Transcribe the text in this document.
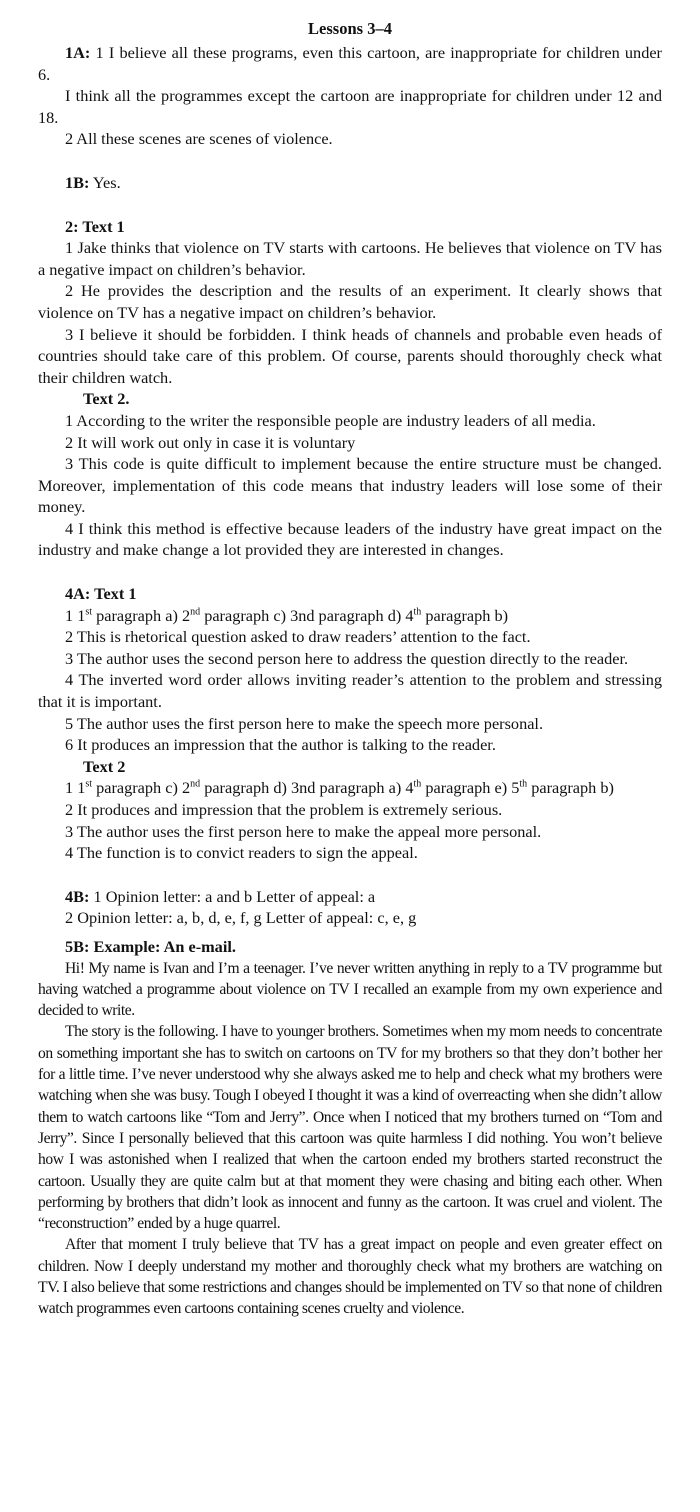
Lessons 3–4
1A: 1 I believe all these programs, even this cartoon, are inappropriate for children under 6.
I think all the programmes except the cartoon are inappropriate for children under 12 and 18.
2 All these scenes are scenes of violence.
1B: Yes.
2: Text 1
1 Jake thinks that violence on TV starts with cartoons. He believes that violence on TV has a negative impact on children’s behavior.
2 He provides the description and the results of an experiment. It clearly shows that violence on TV has a negative impact on children’s behavior.
3 I believe it should be forbidden. I think heads of channels and probable even heads of countries should take care of this problem. Of course, parents should thoroughly check what their children watch.
Text 2.
1 According to the writer the responsible people are industry leaders of all media.
2 It will work out only in case it is voluntary
3 This code is quite difficult to implement because the entire structure must be changed. Moreover, implementation of this code means that industry leaders will lose some of their money.
4 I think this method is effective because leaders of the industry have great impact on the industry and make change a lot provided they are interested in changes.
4A: Text 1
1 1st paragraph a) 2nd paragraph c) 3nd paragraph d) 4th paragraph b)
2 This is rhetorical question asked to draw readers’ attention to the fact.
3 The author uses the second person here to address the question directly to the reader.
4 The inverted word order allows inviting reader’s attention to the problem and stressing that it is important.
5 The author uses the first person here to make the speech more personal.
6 It produces an impression that the author is talking to the reader.
Text 2
1 1st paragraph c) 2nd paragraph d) 3nd paragraph a) 4th paragraph e) 5th paragraph b)
2 It produces and impression that the problem is extremely serious.
3 The author uses the first person here to make the appeal more personal.
4 The function is to convict readers to sign the appeal.
4B: 1 Opinion letter: a and b Letter of appeal: a
2 Opinion letter: a, b, d, e, f, g Letter of appeal: c, e, g
5B: Example: An e-mail.
Hi! My name is Ivan and I’m a teenager. I’ve never written anything in reply to a TV programme but having watched a programme about violence on TV I recalled an example from my own experience and decided to write.
The story is the following. I have to younger brothers. Sometimes when my mom needs to concentrate on something important she has to switch on cartoons on TV for my brothers so that they don’t bother her for a little time. I’ve never understood why she always asked me to help and check what my brothers were watching when she was busy. Tough I obeyed I thought it was a kind of overreacting when she didn’t allow them to watch cartoons like “Tom and Jerry”. Once when I noticed that my brothers turned on “Tom and Jerry”. Since I personally believed that this cartoon was quite harmless I did nothing. You won’t believe how I was astonished when I realized that when the cartoon ended my brothers started reconstruct the cartoon. Usually they are quite calm but at that moment they were chasing and biting each other. When performing by brothers that didn’t look as innocent and funny as the cartoon. It was cruel and violent. The “reconstruction” ended by a huge quarrel.
After that moment I truly believe that TV has a great impact on people and even greater effect on children. Now I deeply understand my mother and thoroughly check what my brothers are watching on TV. I also believe that some restrictions and changes should be implemented on TV so that none of children watch programmes even cartoons containing scenes cruelty and violence.
